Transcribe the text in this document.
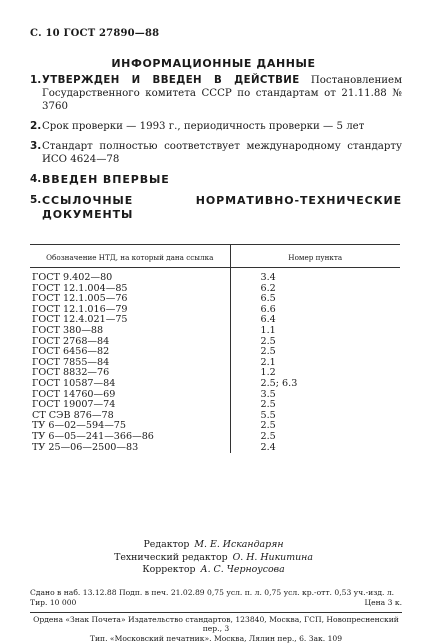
С. 10 ГОСТ 27890—88
ИНФОРМАЦИОННЫЕ ДАННЫЕ
1. УТВЕРЖДЕН И ВВЕДЕН В ДЕЙСТВИЕ Постановлением Государственного комитета СССР по стандартам от 21.11.88 № 3760
2. Срок проверки — 1993 г., периодичность проверки — 5 лет
3. Стандарт полностью соответствует международному стандарту ИСО 4624—78
4. ВВЕДЕН ВПЕРВЫЕ
5. ССЫЛОЧНЫЕ НОРМАТИВНО-ТЕХНИЧЕСКИЕ ДОКУМЕНТЫ
Обозначение НТД, на который дана ссылка	Номер пункта
ГОСТ 9.402—80	3.4
ГОСТ 12.1.004—85	6.2
ГОСТ 12.1.005—76	6.5
ГОСТ 12.1.016—79	6.6
ГОСТ 12.4.021—75	6.4
ГОСТ 380—88	1.1
ГОСТ 2768—84	2.5
ГОСТ 6456—82	2.5
ГОСТ 7855—84	2.1
ГОСТ 8832—76	1.2
ГОСТ 10587—84	2.5; 6.3
ГОСТ 14760—69	3.5
ГОСТ 19007—74	2.5
СТ СЭВ 876—78	5.5
ТУ 6—02—594—75	2.5
ТУ 6—05—241—366—86	2.5
ТУ 25—06—2500—83	2.4
Редактор М. Е. Искандарян
Технический редактор О. Н. Никитина
Корректор А. С. Черноусова
Сдано в наб. 13.12.88 Подп. в печ. 21.02.89 0,75 усл. п. л. 0,75 усл. кр.-отт. 0,53 уч.-изд. л.
Тир. 10 000	Цена 3 к.
Ордена «Знак Почета» Издательство стандартов, 123840, Москва, ГСП, Новопресненский пер., 3
Тип. «Московский печатник». Москва, Лялин пер., 6. Зак. 109
